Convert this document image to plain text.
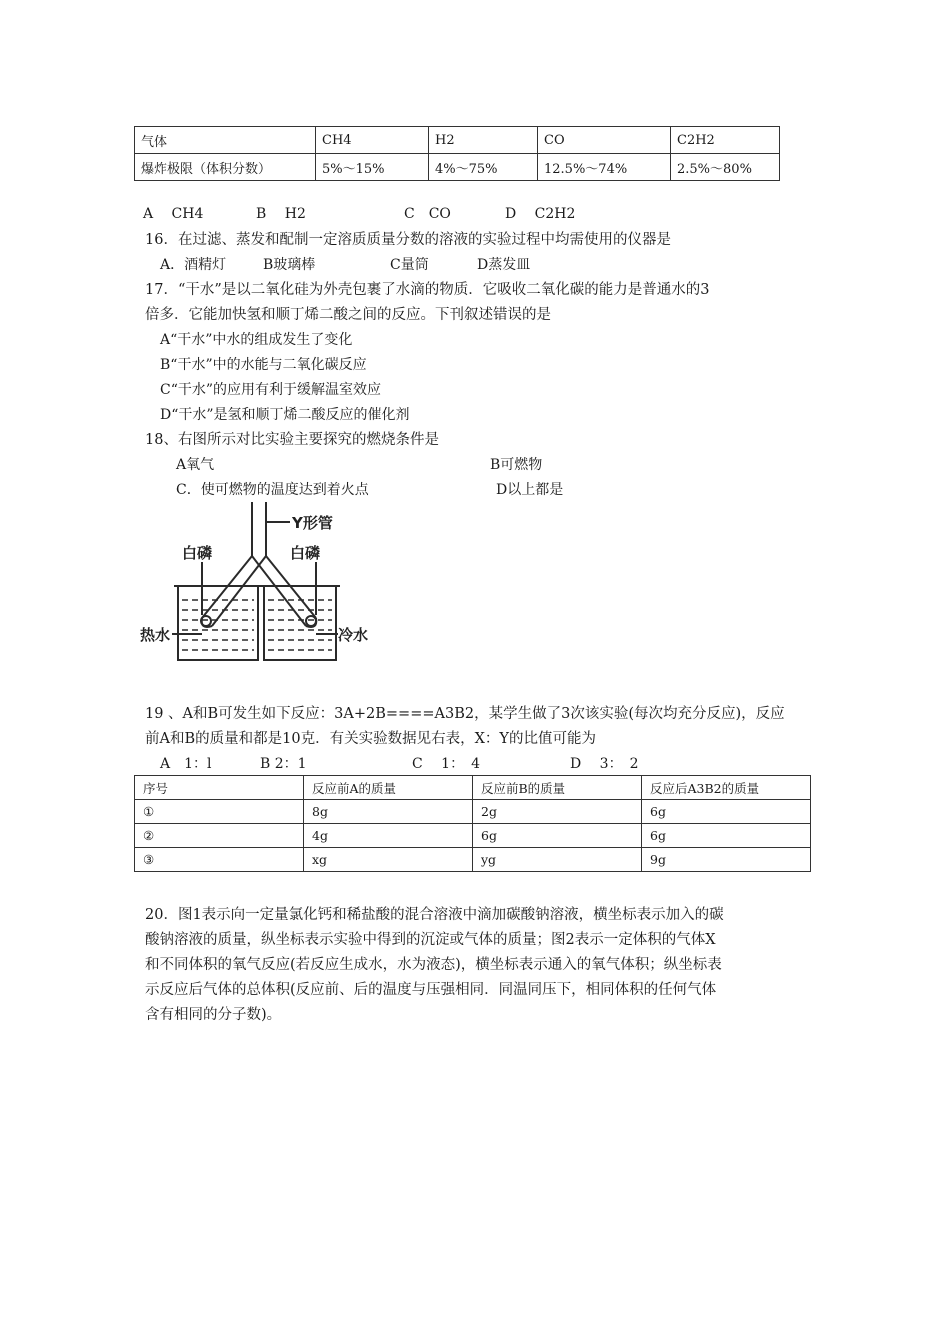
气体	CH4	H2	CO	C2H2
爆炸极限（体积分数）	5%～15%	4%～75%	12.5%～74%	2.5%～80%
A　 CH4	B　 H2	C　CO	D　 C2H2
16．在过滤、蒸发和配制一定溶质质量分数的溶液的实验过程中均需使用的仪器是
A．酒精灯	B玻璃棒	C量筒	D蒸发皿
17．“干水”是以二氧化硅为外壳包裹了水滴的物质．它吸收二氧化碳的能力是普通水的3
倍多．它能加快氢和顺丁烯二酸之间的反应。下刊叙述错误的是
A“干水”中水的组成发生了变化
B“干水”中的水能与二氧化碳反应
C“干水”的应用有利于缓解温室效应
D“干水”是氢和顺丁烯二酸反应的催化剂
18、右图所示对比实验主要探究的燃烧条件是
A氧气	B可燃物
C．使可燃物的温度达到着火点	D以上都是
Y形管
白磷	白磷
热水	冷水
19 、A和B可发生如下反应：3A+2B====A3B2，某学生做了3次该实验(每次均充分反应)，反应
前A和B的质量和都是10克．有关实验数据见右表，X：Y的比值可能为
A　1：l	B 2：1	C　 1：　4	D　 3：　2
序号	反应前A的质量	反应前B的质量	反应后A3B2的质量
①	8g	2g	6g
②	4g	6g	6g
③	xg	yg	9g
20．图1表示向一定量氯化钙和稀盐酸的混合溶液中滴加碳酸钠溶液，横坐标表示加入的碳
酸钠溶液的质量，纵坐标表示实验中得到的沉淀或气体的质量；图2表示一定体积的气体X
和不同体积的氧气反应(若反应生成水，水为液态)，横坐标表示通入的氧气体积；纵坐标表
示反应后气体的总体积(反应前、后的温度与压强相同．同温同压下，相同体积的任何气体
含有相同的分子数)。
